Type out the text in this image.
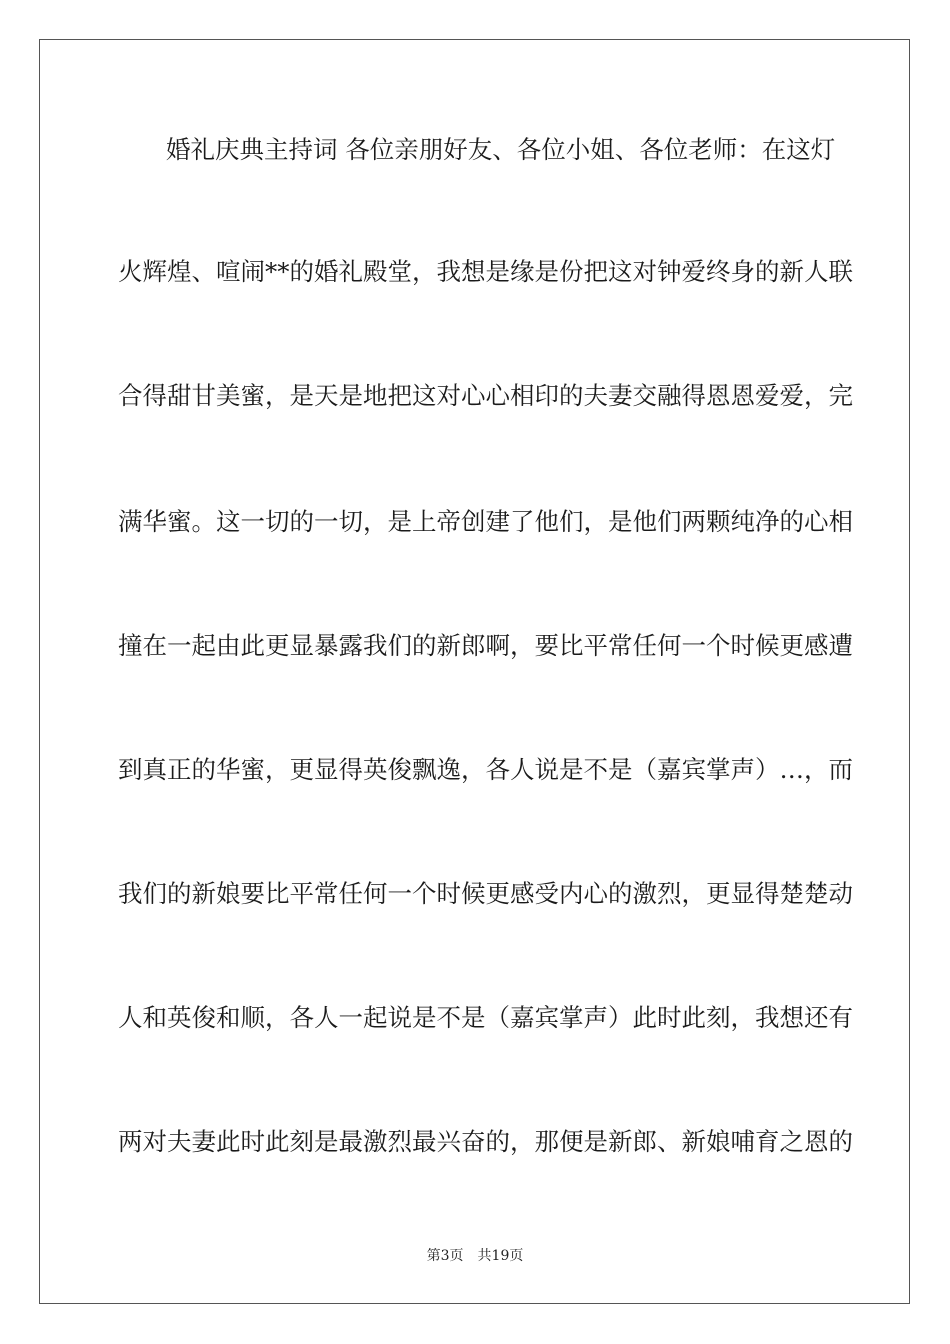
婚礼庆典主持词 各位亲朋好友、各位小姐、各位老师：在这灯
火辉煌、喧闹**的婚礼殿堂，我想是缘是份把这对钟爱终身的新人联
合得甜甘美蜜，是天是地把这对心心相印的夫妻交融得恩恩爱爱，完
满华蜜。这一切的一切，是上帝创建了他们，是他们两颗纯净的心相
撞在一起由此更显暴露我们的新郎啊，要比平常任何一个时候更感遭
到真正的华蜜，更显得英俊飘逸，各人说是不是（嘉宾掌声）…，而
我们的新娘要比平常任何一个时候更感受内心的激烈，更显得楚楚动
人和英俊和顺，各人一起说是不是（嘉宾掌声）此时此刻，我想还有
两对夫妻此时此刻是最激烈最兴奋的，那便是新郎、新娘哺育之恩的
第3页　共19页
